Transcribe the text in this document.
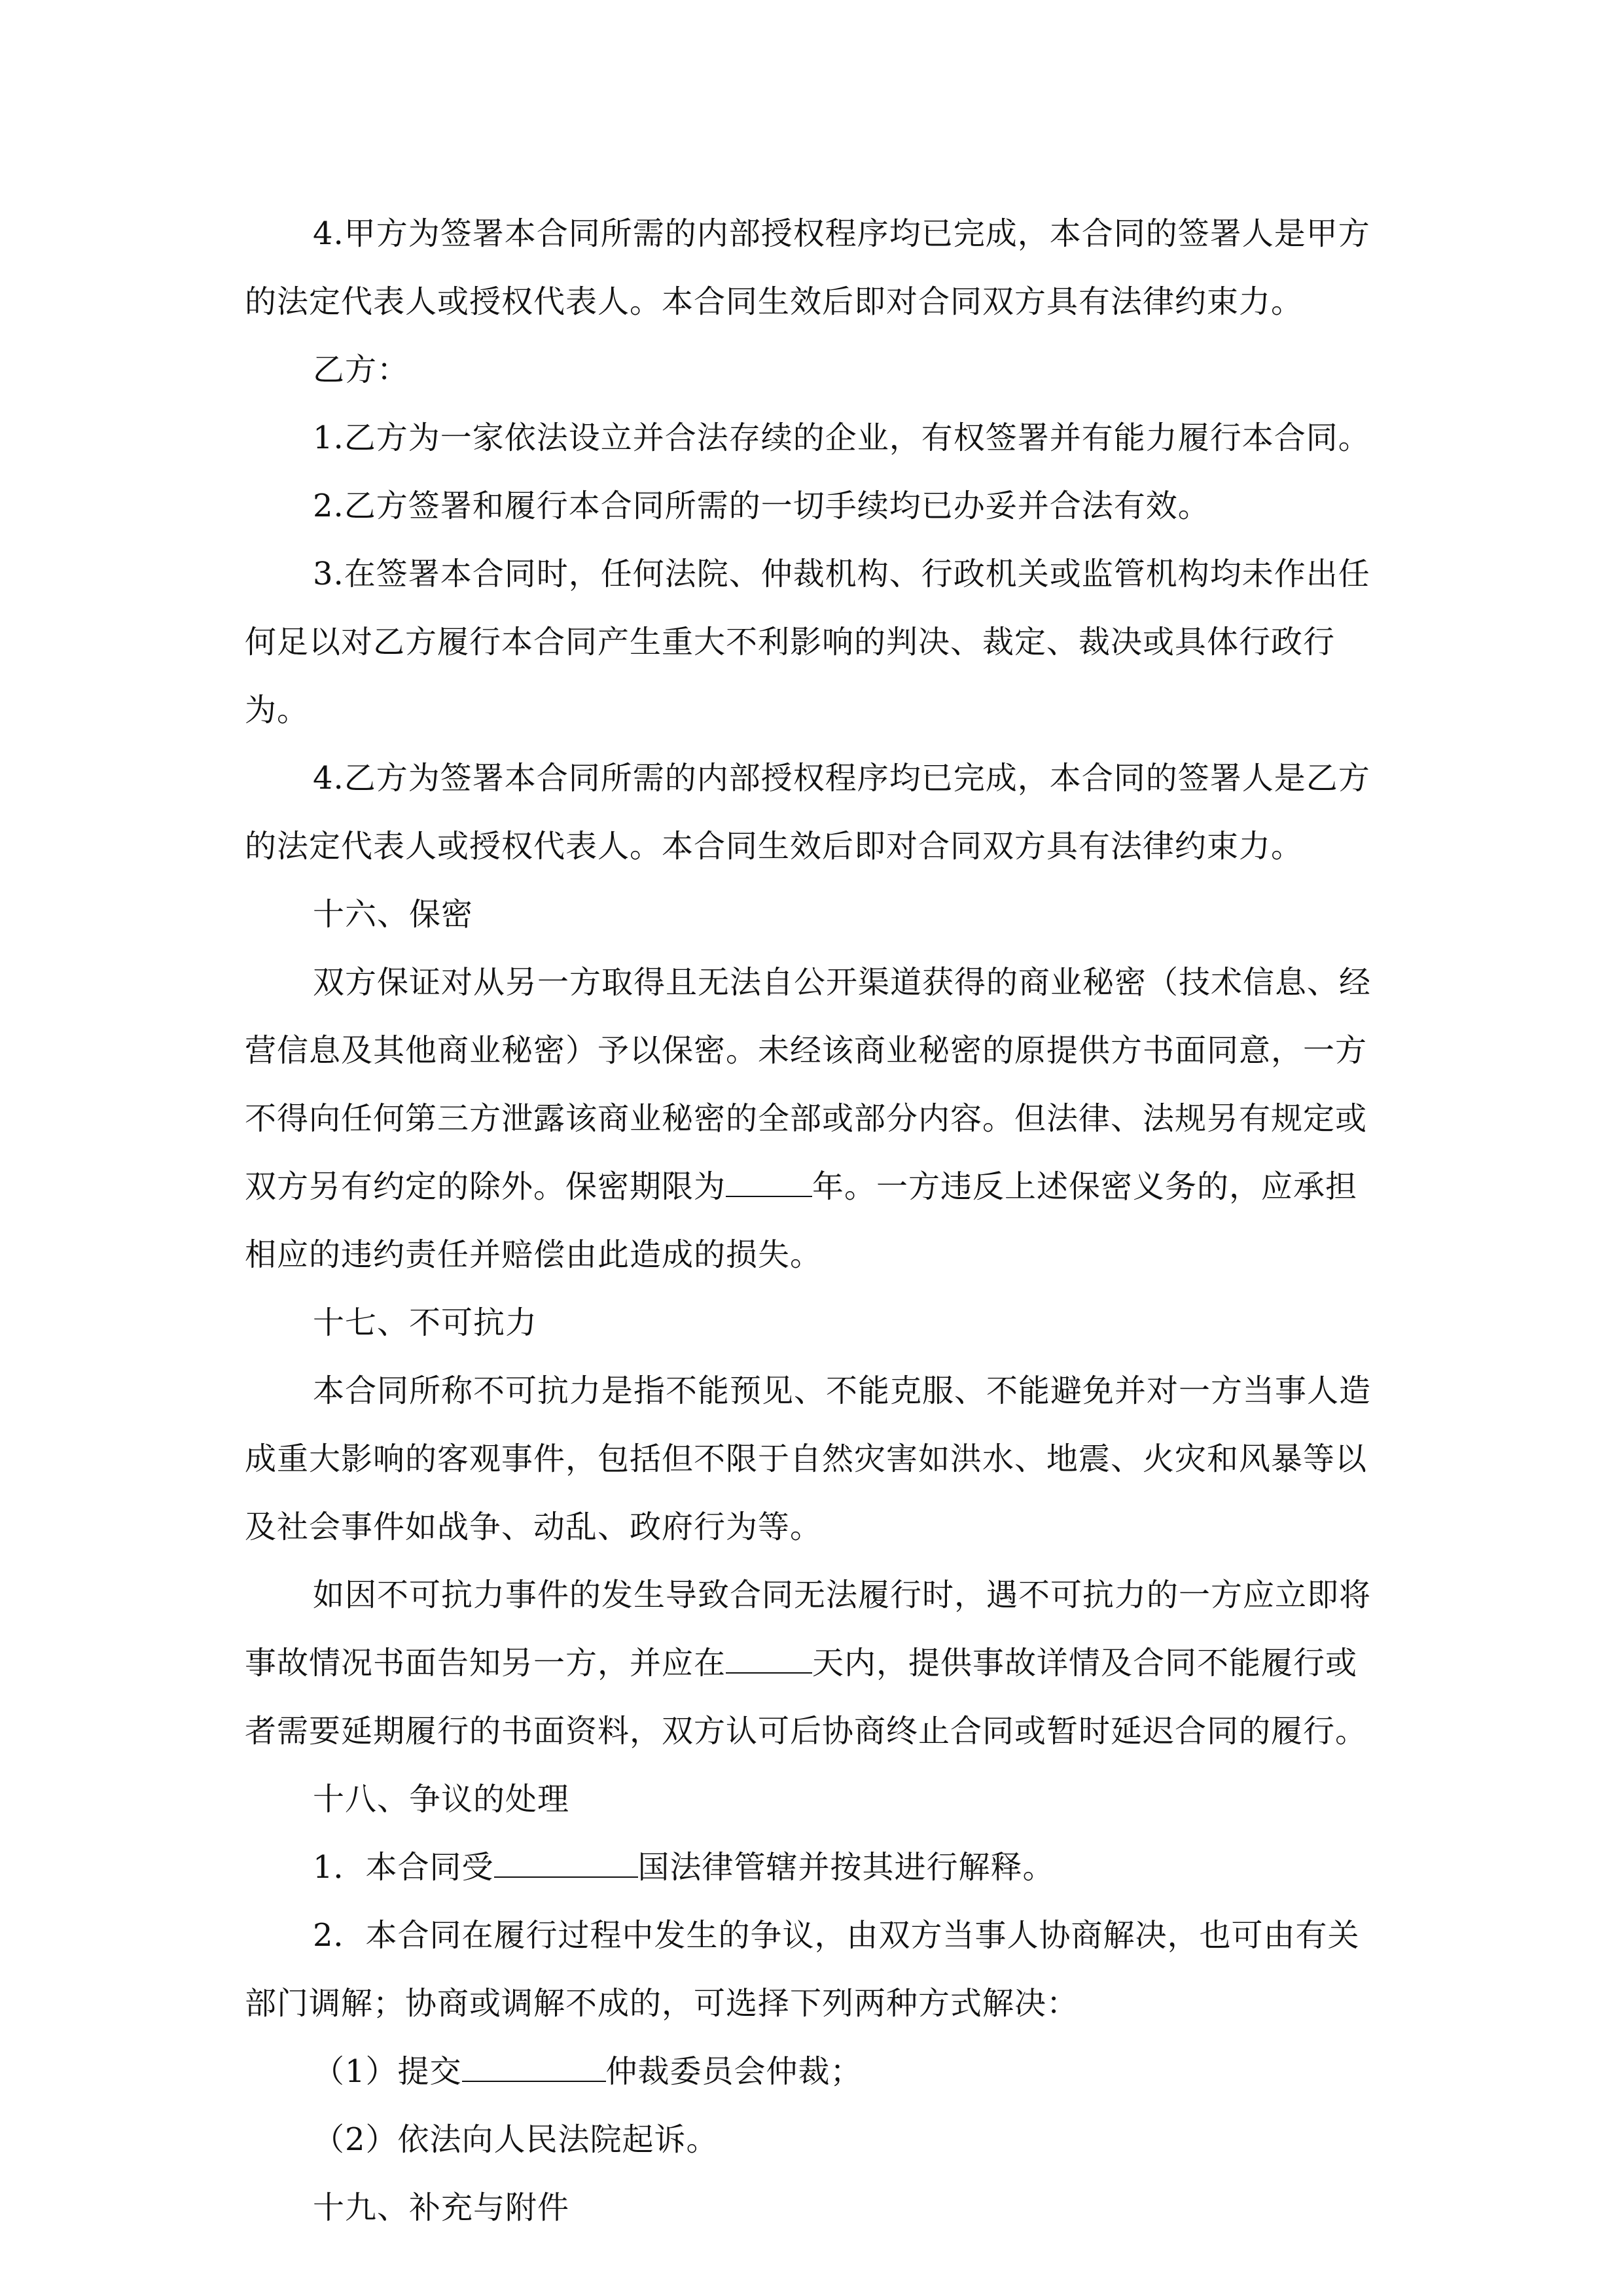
4.甲方为签署本合同所需的内部授权程序均已完成，本合同的签署人是甲方的法定代表人或授权代表人。本合同生效后即对合同双方具有法律约束力。

乙方：

1.乙方为一家依法设立并合法存续的企业，有权签署并有能力履行本合同。

2.乙方签署和履行本合同所需的一切手续均已办妥并合法有效。

3.在签署本合同时，任何法院、仲裁机构、行政机关或监管机构均未作出任何足以对乙方履行本合同产生重大不利影响的判决、裁定、裁决或具体行政行为。

4.乙方为签署本合同所需的内部授权程序均已完成，本合同的签署人是乙方的法定代表人或授权代表人。本合同生效后即对合同双方具有法律约束力。

十六、保密

双方保证对从另一方取得且无法自公开渠道获得的商业秘密（技术信息、经营信息及其他商业秘密）予以保密。未经该商业秘密的原提供方书面同意，一方不得向任何第三方泄露该商业秘密的全部或部分内容。但法律、法规另有规定或双方另有约定的除外。保密期限为	年。一方违反上述保密义务的，应承担相应的违约责任并赔偿由此造成的损失。

十七、不可抗力

本合同所称不可抗力是指不能预见、不能克服、不能避免并对一方当事人造成重大影响的客观事件，包括但不限于自然灾害如洪水、地震、火灾和风暴等以及社会事件如战争、动乱、政府行为等。

如因不可抗力事件的发生导致合同无法履行时，遇不可抗力的一方应立即将事故情况书面告知另一方，并应在	天内，提供事故详情及合同不能履行或者需要延期履行的书面资料，双方认可后协商终止合同或暂时延迟合同的履行。

十八、争议的处理

1．本合同受	国法律管辖并按其进行解释。

2．本合同在履行过程中发生的争议，由双方当事人协商解决，也可由有关部门调解；协商或调解不成的，可选择下列两种方式解决：

（1）提交	仲裁委员会仲裁；

（2）依法向人民法院起诉。

十九、补充与附件
